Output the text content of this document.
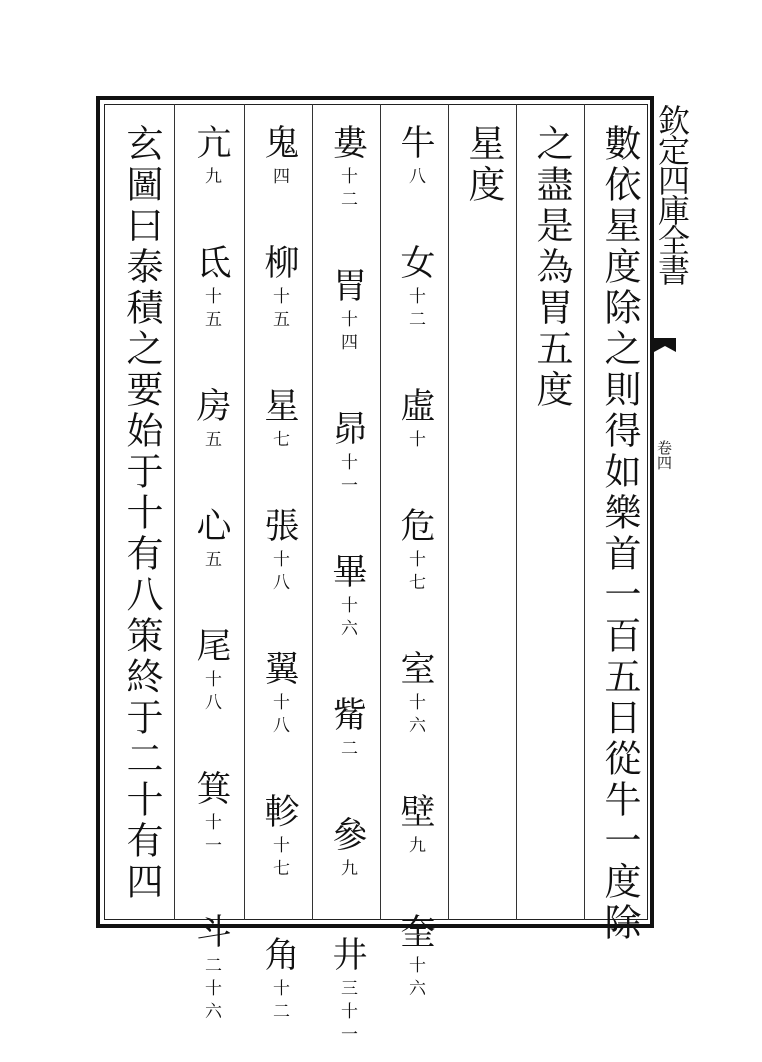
欽定四庫全書
卷四
數依星度除之則得如樂首一百五日從牛一度除
之盡是為胃五度
星度
牛八 女十二 虛十 危十七 室十六 壁九 奎十六
婁十二 胃十四 昴十一 畢十六 觜二 參九 井三十一
鬼四 柳十五 星七 張十八 翼十八 軫十七 角十二
亢九 氐十五 房五 心五 尾十八 箕十一 斗二十六
玄圖曰泰積之要始于十有八策終于二十有四
